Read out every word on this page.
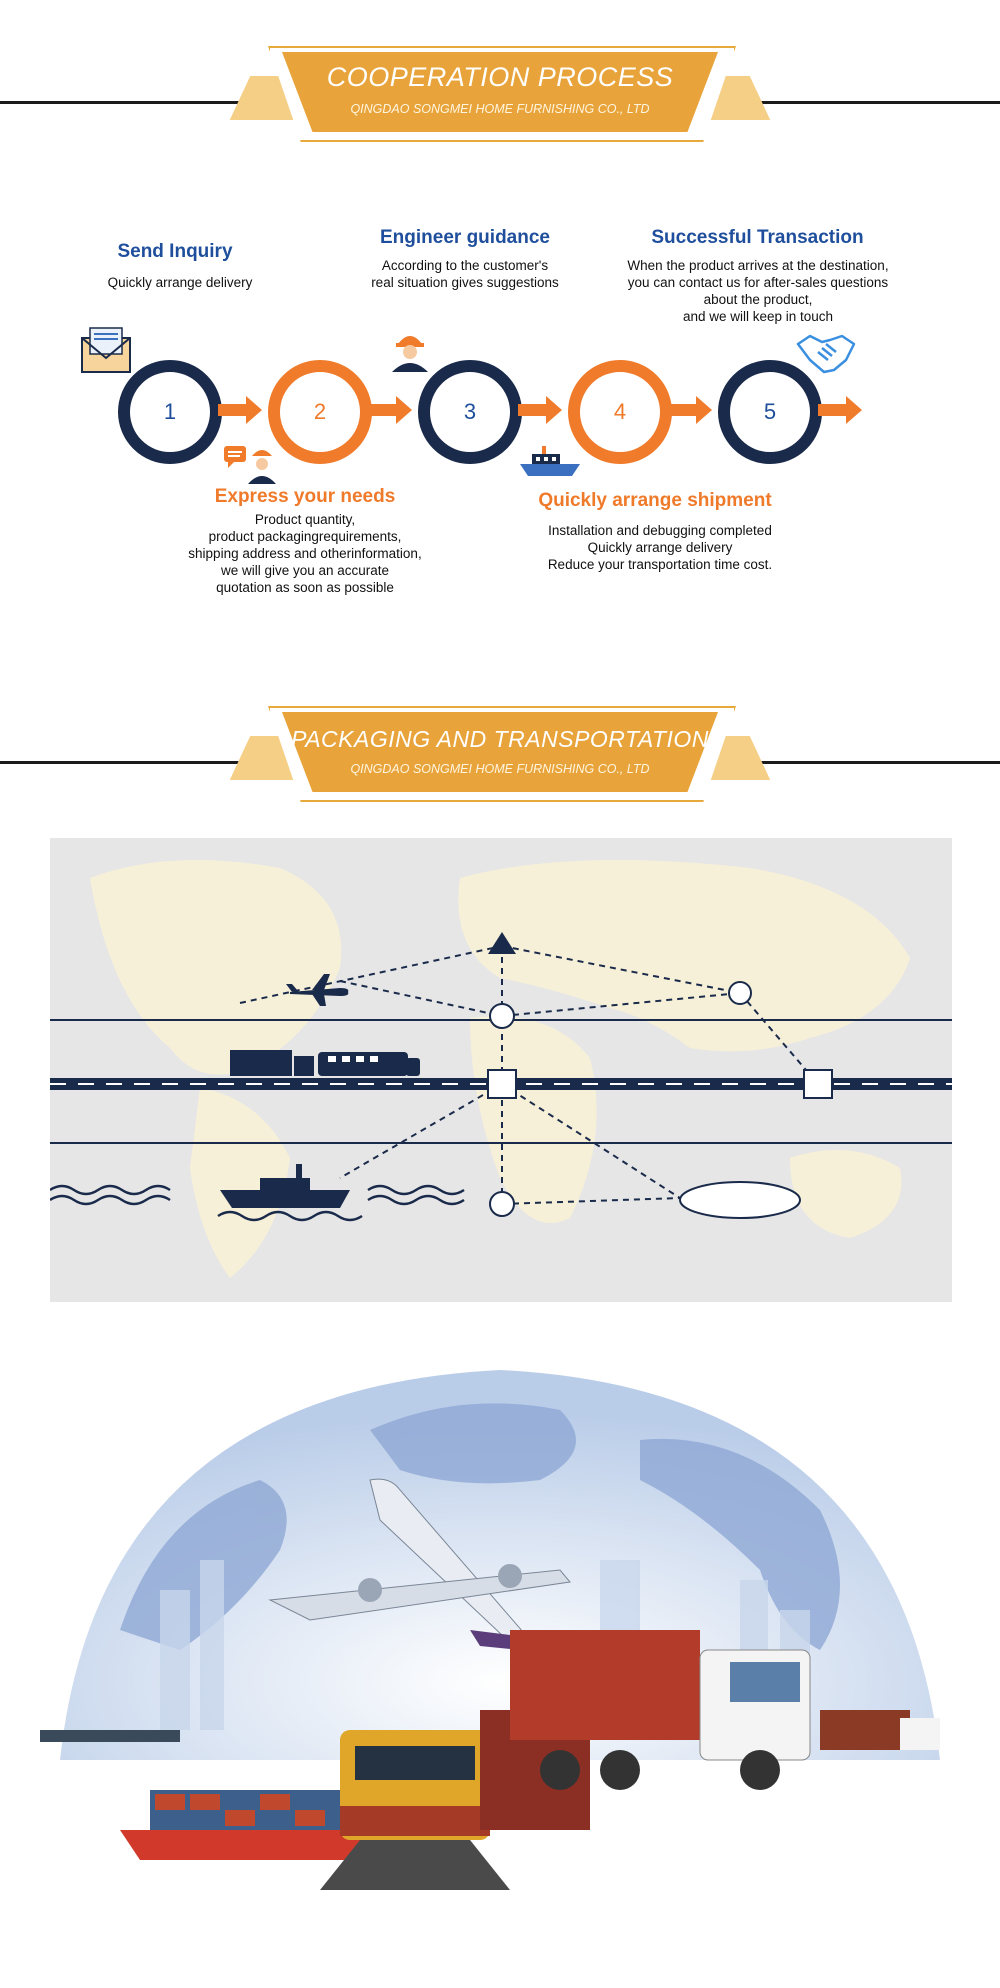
COOPERATION PROCESS
QINGDAO SONGMEI HOME FURNISHING CO., LTD
Send Inquiry
Quickly arrange delivery
Engineer guidance
According to the customer's
real situation gives suggestions
Successful Transaction
When the product arrives at the destination,
you can contact us for after-sales questions
about the product,
and we will keep in touch
1	2	3	4	5
Express your needs
Product quantity,
product packagingrequirements,
shipping address and otherinformation,
we will give you an accurate
quotation as soon as possible
Quickly arrange shipment
Installation and debugging completed
Quickly arrange delivery
Reduce your transportation time cost.
PACKAGING AND TRANSPORTATION
QINGDAO SONGMEI HOME FURNISHING CO., LTD
